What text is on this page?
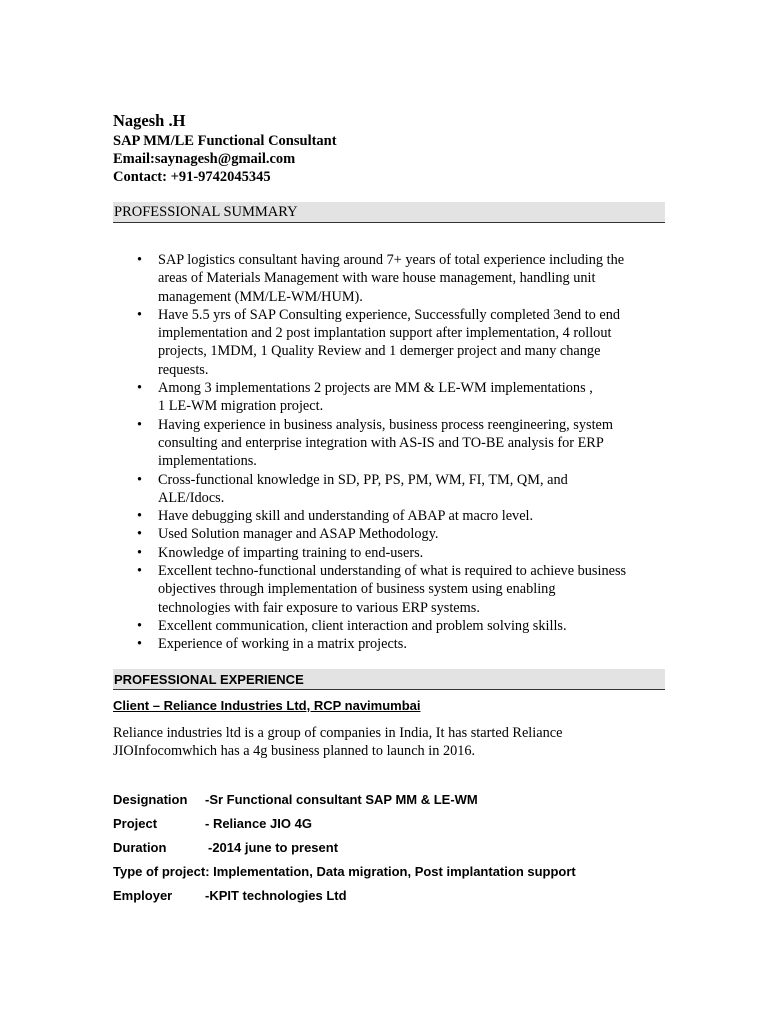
Nagesh .H
SAP MM/LE Functional Consultant
Email:saynagesh@gmail.com
Contact: +91-9742045345
PROFESSIONAL SUMMARY
• SAP logistics consultant having around 7+ years of total experience including the
areas of Materials Management with ware house management, handling unit
management (MM/LE-WM/HUM).
• Have 5.5 yrs of SAP Consulting experience, Successfully completed 3end to end
implementation and 2 post implantation support after implementation, 4 rollout
projects, 1MDM, 1 Quality Review and 1 demerger project and many change
requests.
• Among 3 implementations 2 projects are MM & LE-WM implementations ,
1 LE-WM migration project.
• Having experience in business analysis, business process reengineering, system
consulting and enterprise integration with AS-IS and TO-BE analysis for ERP
implementations.
• Cross-functional knowledge in SD, PP, PS, PM, WM, FI, TM, QM, and
ALE/Idocs.
• Have debugging skill and understanding of ABAP at macro level.
• Used Solution manager and ASAP Methodology.
• Knowledge of imparting training to end-users.
• Excellent techno-functional understanding of what is required to achieve business
objectives through implementation of business system using enabling
technologies with fair exposure to various ERP systems.
• Excellent communication, client interaction and problem solving skills.
• Experience of working in a matrix projects.
PROFESSIONAL EXPERIENCE
Client – Reliance Industries Ltd, RCP navimumbai
Reliance industries ltd is a group of companies in India, It has started Reliance
JIOInfocomwhich has a 4g business planned to launch in 2016.
Designation -Sr Functional consultant SAP MM & LE-WM
Project	- Reliance JIO 4G
Duration	-2014 june to present
Type of project: Implementation, Data migration, Post implantation support
Employer	-KPIT technologies Ltd
